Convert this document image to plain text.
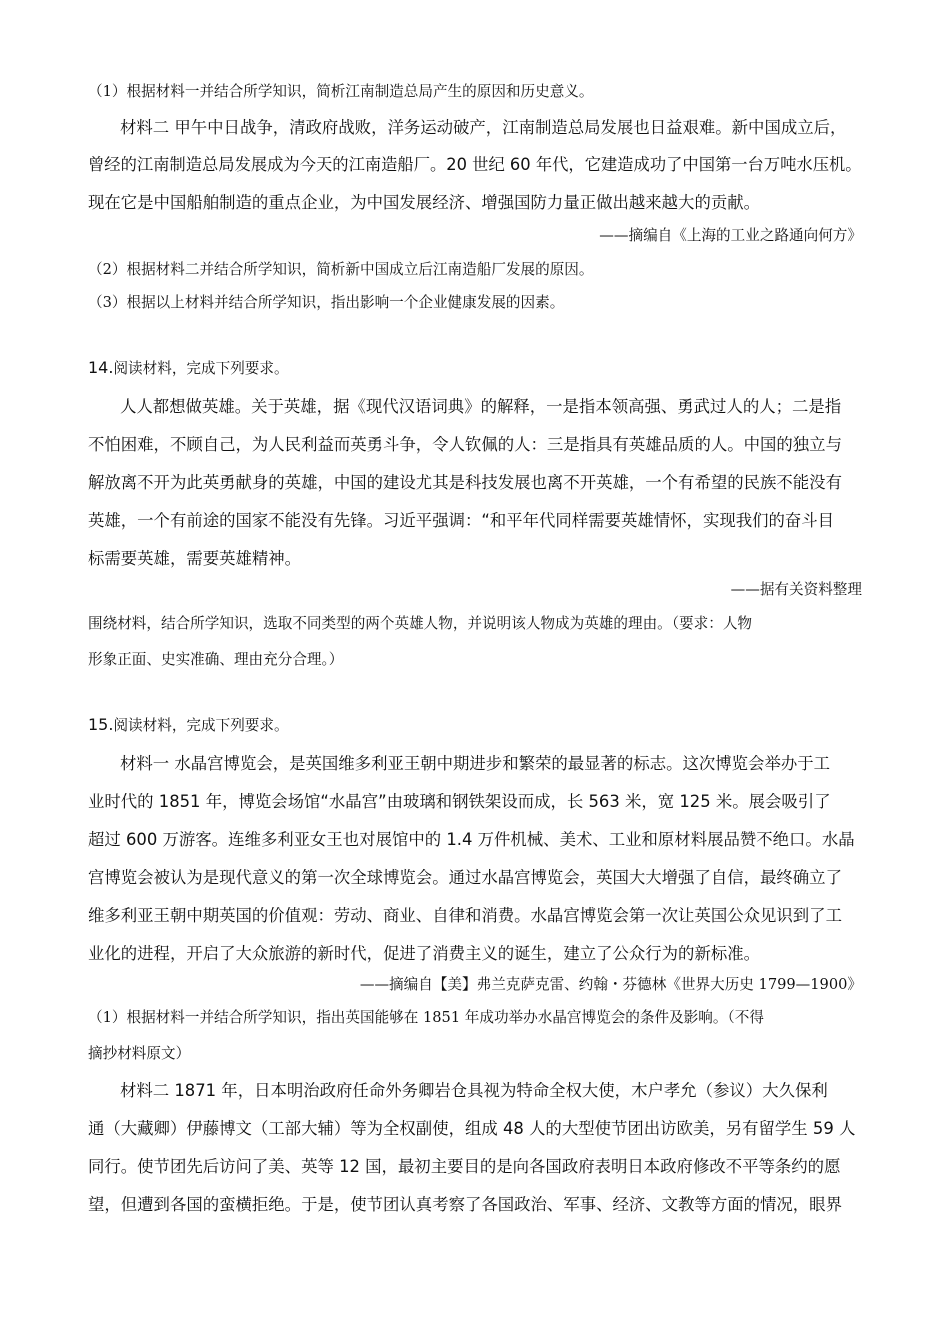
（1）根据材料一并结合所学知识，简析江南制造总局产生的原因和历史意义。
材料二 甲午中日战争，清政府战败，洋务运动破产，江南制造总局发展也日益艰难。新中国成立后，
曾经的江南制造总局发展成为今天的江南造船厂。20 世纪 60 年代，它建造成功了中国第一台万吨水压机。
现在它是中国船舶制造的重点企业，为中国发展经济、增强国防力量正做出越来越大的贡献。
——摘编自《上海的工业之路通向何方》
（2）根据材料二并结合所学知识，简析新中国成立后江南造船厂发展的原因。
（3）根据以上材料并结合所学知识，指出影响一个企业健康发展的因素。
14.阅读材料，完成下列要求。
人人都想做英雄。关于英雄，据《现代汉语词典》的解释，一是指本领高强、勇武过人的人；二是指
不怕困难，不顾自己，为人民利益而英勇斗争，令人钦佩的人：三是指具有英雄品质的人。中国的独立与
解放离不开为此英勇献身的英雄，中国的建设尤其是科技发展也离不开英雄，一个有希望的民族不能没有
英雄，一个有前途的国家不能没有先锋。习近平强调：“和平年代同样需要英雄情怀，实现我们的奋斗目
标需要英雄，需要英雄精神。
——据有关资料整理
围绕材料，结合所学知识，选取不同类型的两个英雄人物，并说明该人物成为英雄的理由。（要求：人物
形象正面、史实准确、理由充分合理。）
15.阅读材料，完成下列要求。
材料一 水晶宫博览会，是英国维多利亚王朝中期进步和繁荣的最显著的标志。这次博览会举办于工
业时代的 1851 年，博览会场馆“水晶宫”由玻璃和钢铁架设而成，长 563 米，宽 125 米。展会吸引了
超过 600 万游客。连维多利亚女王也对展馆中的 1.4 万件机械、美术、工业和原材料展品赞不绝口。水晶
宫博览会被认为是现代意义的第一次全球博览会。通过水晶宫博览会，英国大大增强了自信，最终确立了
维多利亚王朝中期英国的价值观：劳动、商业、自律和消费。水晶宫博览会第一次让英国公众见识到了工
业化的进程，开启了大众旅游的新时代，促进了消费主义的诞生，建立了公众行为的新标准。
——摘编自【美】弗兰克萨克雷、约翰・芬德林《世界大历史 1799—1900》
（1）根据材料一并结合所学知识，指出英国能够在 1851 年成功举办水晶宫博览会的条件及影响。（不得
摘抄材料原文）
材料二 1871 年，日本明治政府任命外务卿岩仓具视为特命全权大使，木户孝允（参议）大久保利
通（大藏卿）伊藤博文（工部大辅）等为全权副使，组成 48 人的大型使节团出访欧美，另有留学生 59 人
同行。使节团先后访问了美、英等 12 国，最初主要目的是向各国政府表明日本政府修改不平等条约的愿
望，但遭到各国的蛮横拒绝。于是，使节团认真考察了各国政治、军事、经济、文教等方面的情况，眼界
